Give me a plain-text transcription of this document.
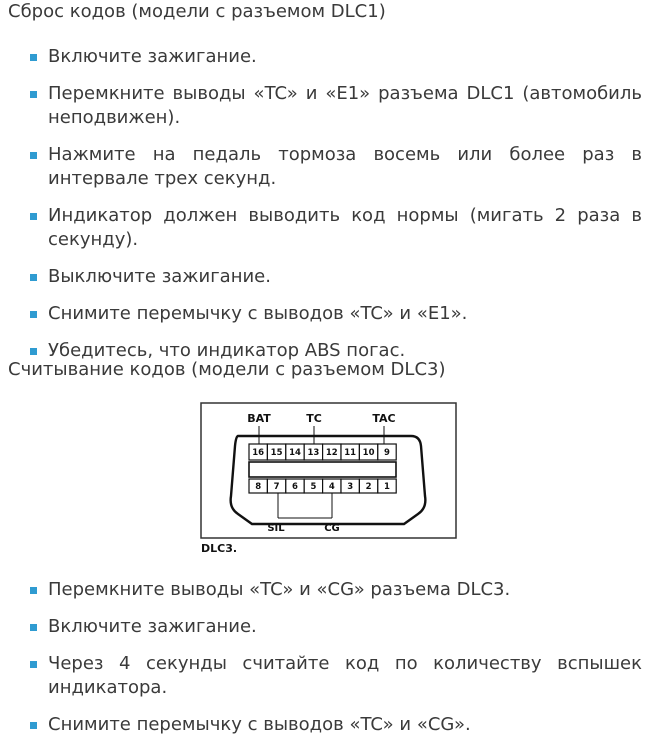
Сброс кодов (модели с разъемом DLC1)
Включите зажигание.
Перемкните выводы «TC» и «E1» разъема DLC1 (автомобиль неподвижен).
Нажмите на педаль тормоза восемь или более раз в интервале трех секунд.
Индикатор должен выводить код нормы (мигать 2 раза в секунду).
Выключите зажигание.
Снимите перемычку с выводов «TC» и «E1».
Убедитесь, что индикатор ABS погас.
Считывание кодов (модели с разъемом DLC3)
16 15 14 13 12 11 10 9
8 7 6 5 4 3 2 1
BAT	TC	TAC
SIL	CG
DLC3.
Перемкните выводы «TC» и «CG» разъема DLC3.
Включите зажигание.
Через 4 секунды считайте код по количеству вспышек индикатора.
Снимите перемычку с выводов «TC» и «CG».
